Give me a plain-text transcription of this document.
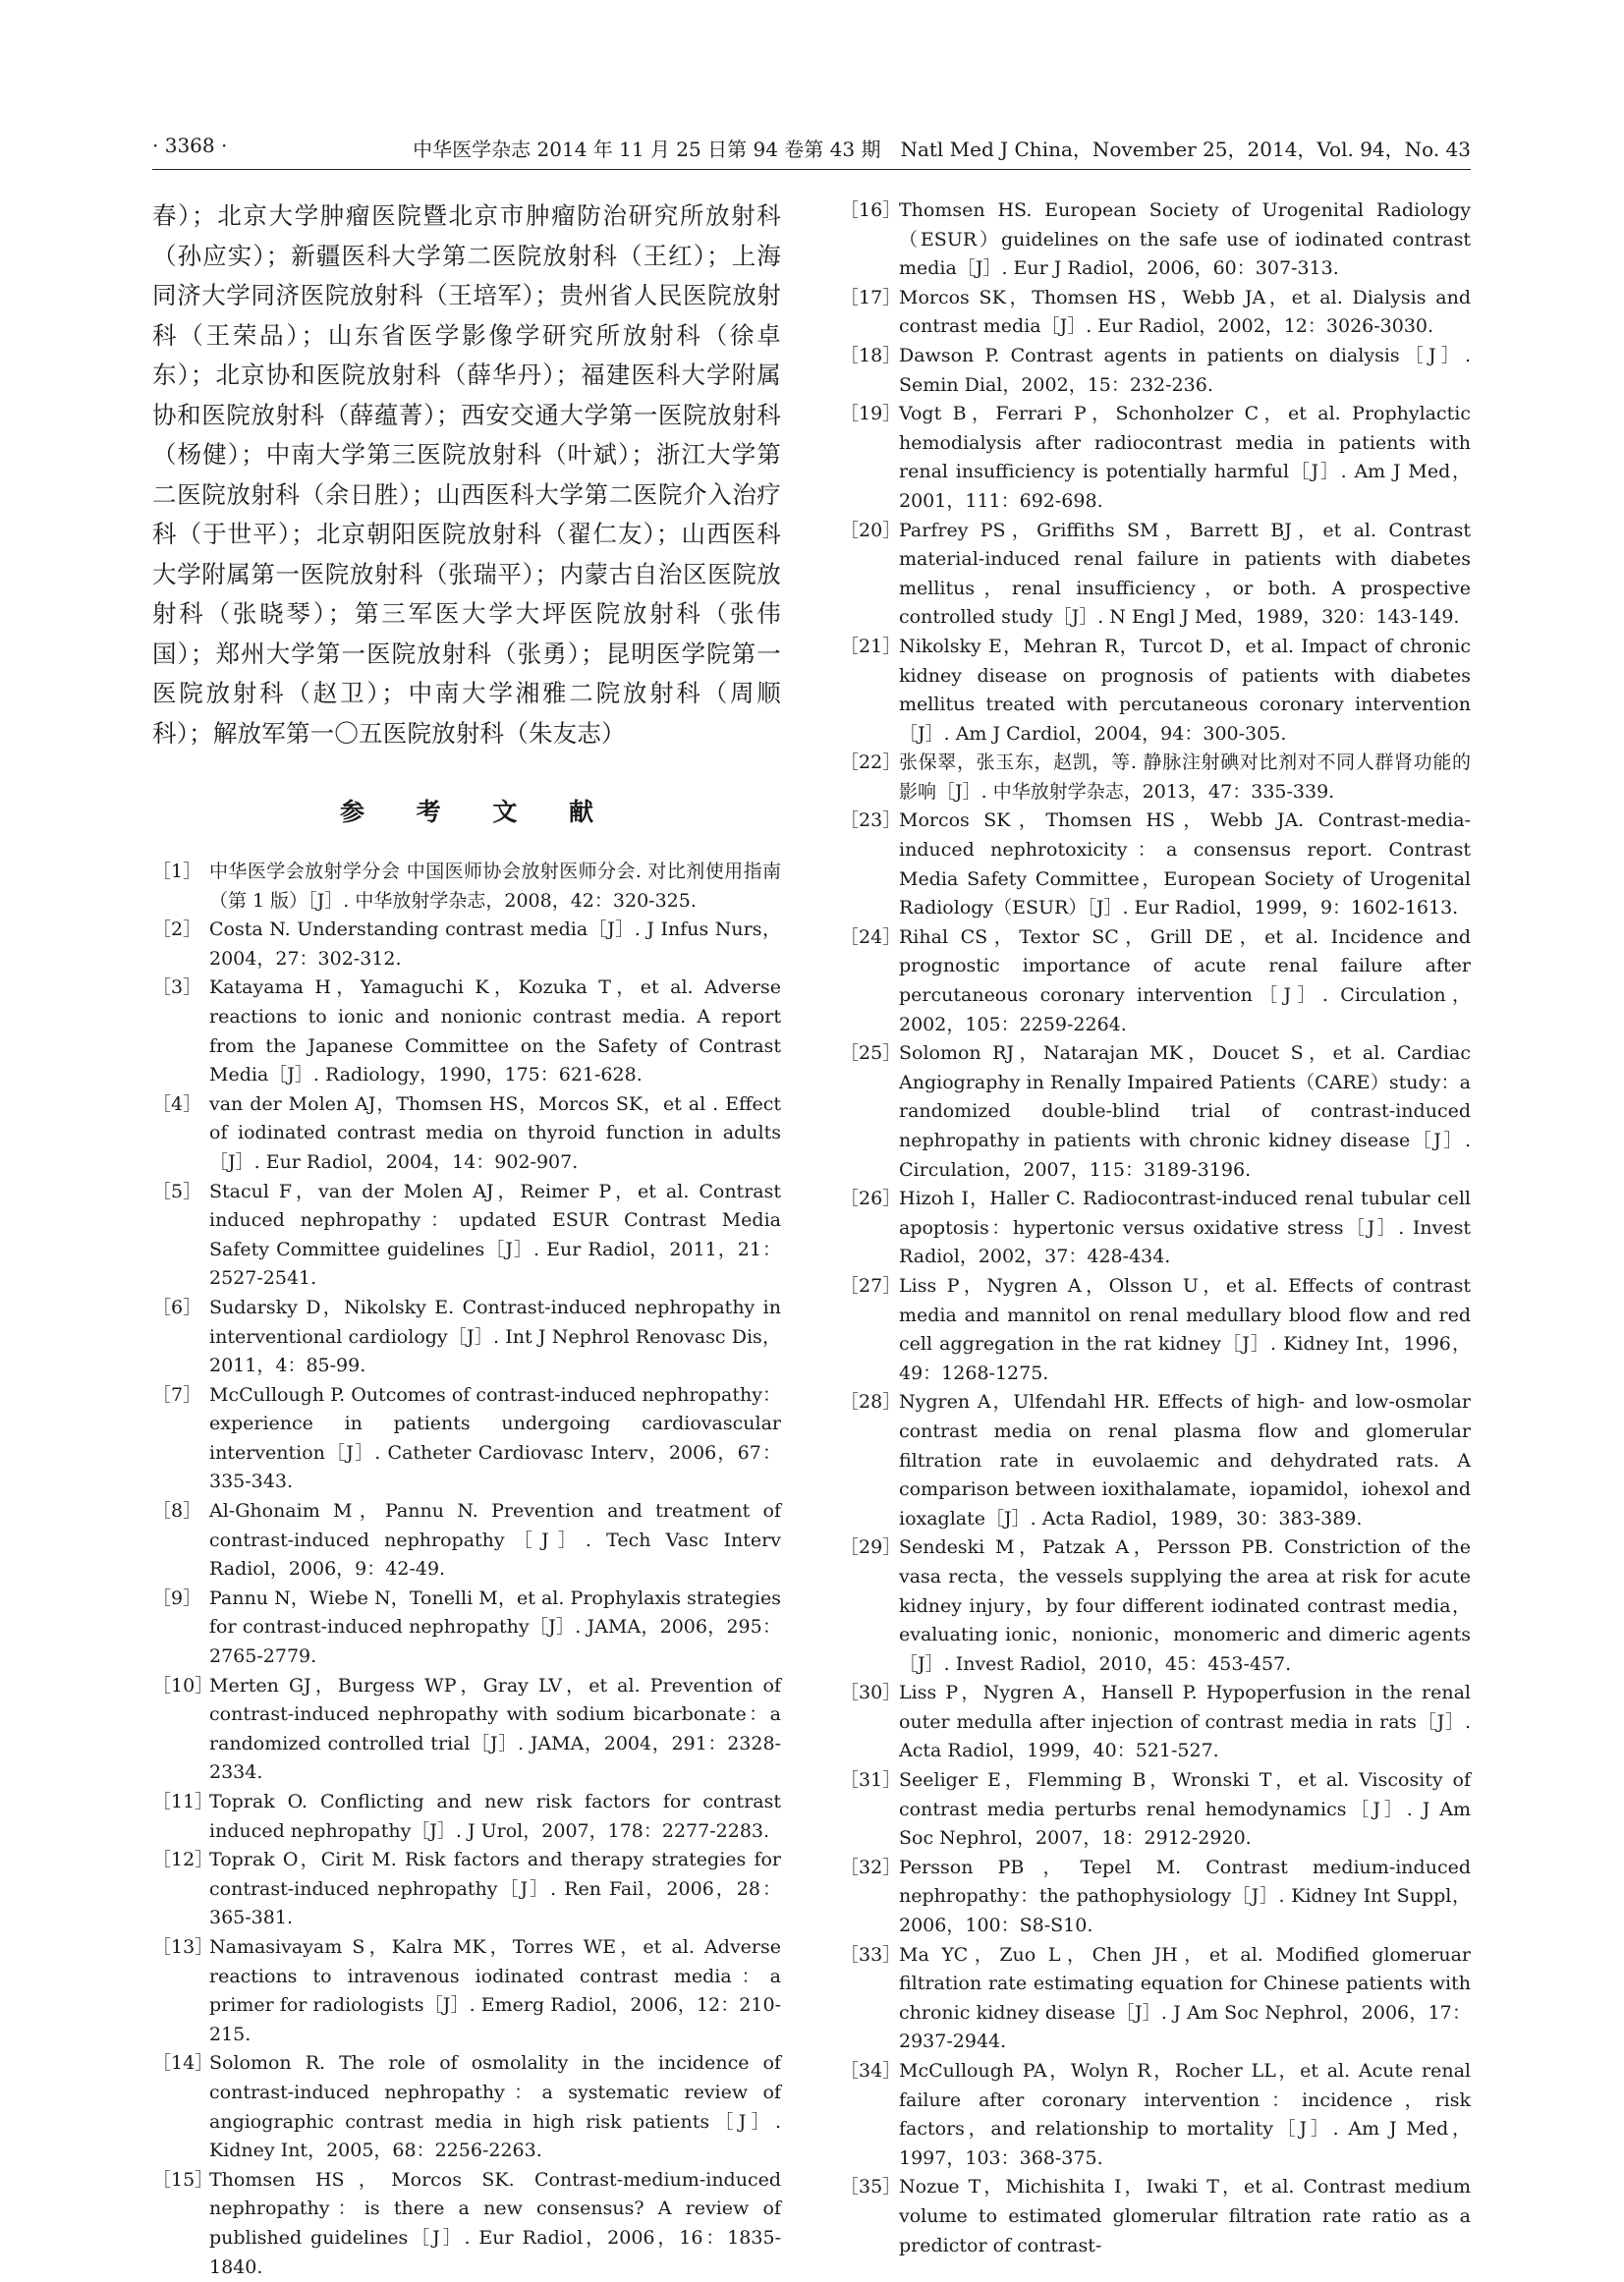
· 3368 ·	中华医学杂志 2014 年 11 月 25 日第 94 卷第 43 期　Natl Med J China，November 25，2014，Vol. 94，No. 43

春）；北京大学肿瘤医院暨北京市肿瘤防治研究所放射科（孙应实）；新疆医科大学第二医院放射科（王红）；上海同济大学同济医院放射科（王培军）；贵州省人民医院放射科（王荣品）；山东省医学影像学研究所放射科（徐卓东）；北京协和医院放射科（薛华丹）；福建医科大学附属协和医院放射科（薛蕴菁）；西安交通大学第一医院放射科（杨健）；中南大学第三医院放射科（叶斌）；浙江大学第二医院放射科（余日胜）；山西医科大学第二医院介入治疗科（于世平）；北京朝阳医院放射科（翟仁友）；山西医科大学附属第一医院放射科（张瑞平）；内蒙古自治区医院放射科（张晓琴）；第三军医大学大坪医院放射科（张伟国）；郑州大学第一医院放射科（张勇）；昆明医学院第一医院放射科（赵卫）；中南大学湘雅二院放射科（周顺科）；解放军第一〇五医院放射科（朱友志）

参 考 文 献
［1］ 中华医学会放射学分会 中国医师协会放射医师分会. 对比剂使用指南（第 1 版）［J］. 中华放射学杂志，2008，42：320-325.
［2］ Costa N. Understanding contrast media［J］. J Infus Nurs，2004，27：302-312.
［3］ Katayama H，Yamaguchi K，Kozuka T，et al. Adverse reactions to ionic and nonionic contrast media. A report from the Japanese Committee on the Safety of Contrast Media［J］. Radiology，1990，175：621-628.
［4］ van der Molen AJ，Thomsen HS，Morcos SK，et al . Effect of iodinated contrast media on thyroid function in adults［J］. Eur Radiol，2004，14：902-907.
［5］ Stacul F，van der Molen AJ，Reimer P，et al. Contrast induced nephropathy：updated ESUR Contrast Media Safety Committee guidelines［J］. Eur Radiol，2011，21：2527-2541.
［6］ Sudarsky D，Nikolsky E. Contrast-induced nephropathy in interventional cardiology［J］. Int J Nephrol Renovasc Dis，2011，4：85-99.
［7］ McCullough P. Outcomes of contrast-induced nephropathy：experience in patients undergoing cardiovascular intervention［J］. Catheter Cardiovasc Interv，2006，67：335-343.
［8］ Al-Ghonaim M，Pannu N. Prevention and treatment of contrast-induced nephropathy［J］. Tech Vasc Interv Radiol，2006，9：42-49.
［9］ Pannu N，Wiebe N，Tonelli M，et al. Prophylaxis strategies for contrast-induced nephropathy［J］. JAMA，2006，295：2765-2779.
［10］
Merten GJ，Burgess WP，Gray LV，et al. Prevention of contrast-induced nephropathy with sodium bicarbonate：a randomized controlled trial［J］. JAMA，2004，291：2328-2334.
［11］
Toprak O. Conflicting and new risk factors for contrast induced nephropathy［J］. J Urol，2007，178：2277-2283.
［12］
Toprak O，Cirit M. Risk factors and therapy strategies for contrast-induced nephropathy［J］. Ren Fail，2006，28：365-381.
［13］
Namasivayam S，Kalra MK，Torres WE，et al. Adverse reactions to intravenous iodinated contrast media：a primer for radiologists［J］. Emerg Radiol，2006，12：210-215.
［14］
Solomon R. The role of osmolality in the incidence of contrast-induced nephropathy：a systematic review of angiographic contrast media in high risk patients［J］. Kidney Int，2005，68：2256-2263.
［15］
Thomsen HS，Morcos SK. Contrast-medium-induced nephropathy：is there a new consensus? A review of published guidelines［J］. Eur Radiol，2006，16：1835-1840.
［16］
Thomsen HS. European Society of Urogenital Radiology（ESUR）guidelines on the safe use of iodinated contrast media［J］. Eur J Radiol，2006，60：307-313.
［17］
Morcos SK，Thomsen HS，Webb JA，et al. Dialysis and contrast media［J］. Eur Radiol，2002，12：3026-3030.
［18］
Dawson P. Contrast agents in patients on dialysis［J］. Semin Dial，2002，15：232-236.
［19］
Vogt B，Ferrari P，Schonholzer C，et al. Prophylactic hemodialysis after radiocontrast media in patients with renal insufficiency is potentially harmful［J］. Am J Med，2001，111：692-698.
［20］
Parfrey PS，Griffiths SM，Barrett BJ，et al. Contrast material-induced renal failure in patients with diabetes mellitus，renal insufficiency，or both. A prospective controlled study［J］. N Engl J Med，1989，320：143-149.
［21］
Nikolsky E，Mehran R，Turcot D，et al. Impact of chronic kidney disease on prognosis of patients with diabetes mellitus treated with percutaneous coronary intervention［J］. Am J Cardiol，2004，94：300-305.
［22］
张保翠，张玉东，赵凯，等. 静脉注射碘对比剂对不同人群肾功能的影响［J］. 中华放射学杂志，2013，47：335-339.
［23］
Morcos SK，Thomsen HS，Webb JA. Contrast-media-induced nephrotoxicity：a consensus report. Contrast Media Safety Committee，European Society of Urogenital Radiology（ESUR）［J］. Eur Radiol，1999，9：1602-1613.
［24］
Rihal CS，Textor SC，Grill DE，et al. Incidence and prognostic importance of acute renal failure after percutaneous coronary intervention［J］. Circulation，2002，105：2259-2264.
［25］
Solomon RJ，Natarajan MK，Doucet S，et al. Cardiac Angiography in Renally Impaired Patients（CARE）study：a randomized double-blind trial of contrast-induced nephropathy in patients with chronic kidney disease［J］. Circulation，2007，115：3189-3196.
［26］
Hizoh I，Haller C. Radiocontrast-induced renal tubular cell apoptosis：hypertonic versus oxidative stress［J］. Invest Radiol，2002，37：428-434.
［27］
Liss P，Nygren A，Olsson U，et al. Effects of contrast media and mannitol on renal medullary blood flow and red cell aggregation in the rat kidney［J］. Kidney Int，1996，49：1268-1275.
［28］
Nygren A，Ulfendahl HR. Effects of high- and low-osmolar contrast media on renal plasma flow and glomerular filtration rate in euvolaemic and dehydrated rats. A comparison between ioxithalamate，iopamidol，iohexol and ioxaglate［J］. Acta Radiol，1989，30：383-389.
［29］
Sendeski M，Patzak A，Persson PB. Constriction of the vasa recta，the vessels supplying the area at risk for acute kidney injury，by four different iodinated contrast media，evaluating ionic，nonionic，monomeric and dimeric agents［J］. Invest Radiol，2010，45：453-457.
［30］
Liss P，Nygren A，Hansell P. Hypoperfusion in the renal outer medulla after injection of contrast media in rats［J］. Acta Radiol，1999，40：521-527.
［31］
Seeliger E，Flemming B，Wronski T，et al. Viscosity of contrast media perturbs renal hemodynamics［J］. J Am Soc Nephrol，2007，18：2912-2920.
［32］
Persson PB，Tepel M. Contrast medium-induced nephropathy：the pathophysiology［J］. Kidney Int Suppl，2006，100：S8-S10.
［33］
Ma YC，Zuo L，Chen JH，et al. Modified glomeruar filtration rate estimating equation for Chinese patients with chronic kidney disease［J］. J Am Soc Nephrol，2006，17：2937-2944.
［34］
McCullough PA，Wolyn R，Rocher LL，et al. Acute renal failure after coronary intervention：incidence，risk factors，and relationship to mortality［J］. Am J Med，1997，103：368-375.
［35］
Nozue T，Michishita I，Iwaki T，et al. Contrast medium volume to estimated glomerular filtration rate ratio as a predictor of contrast-
